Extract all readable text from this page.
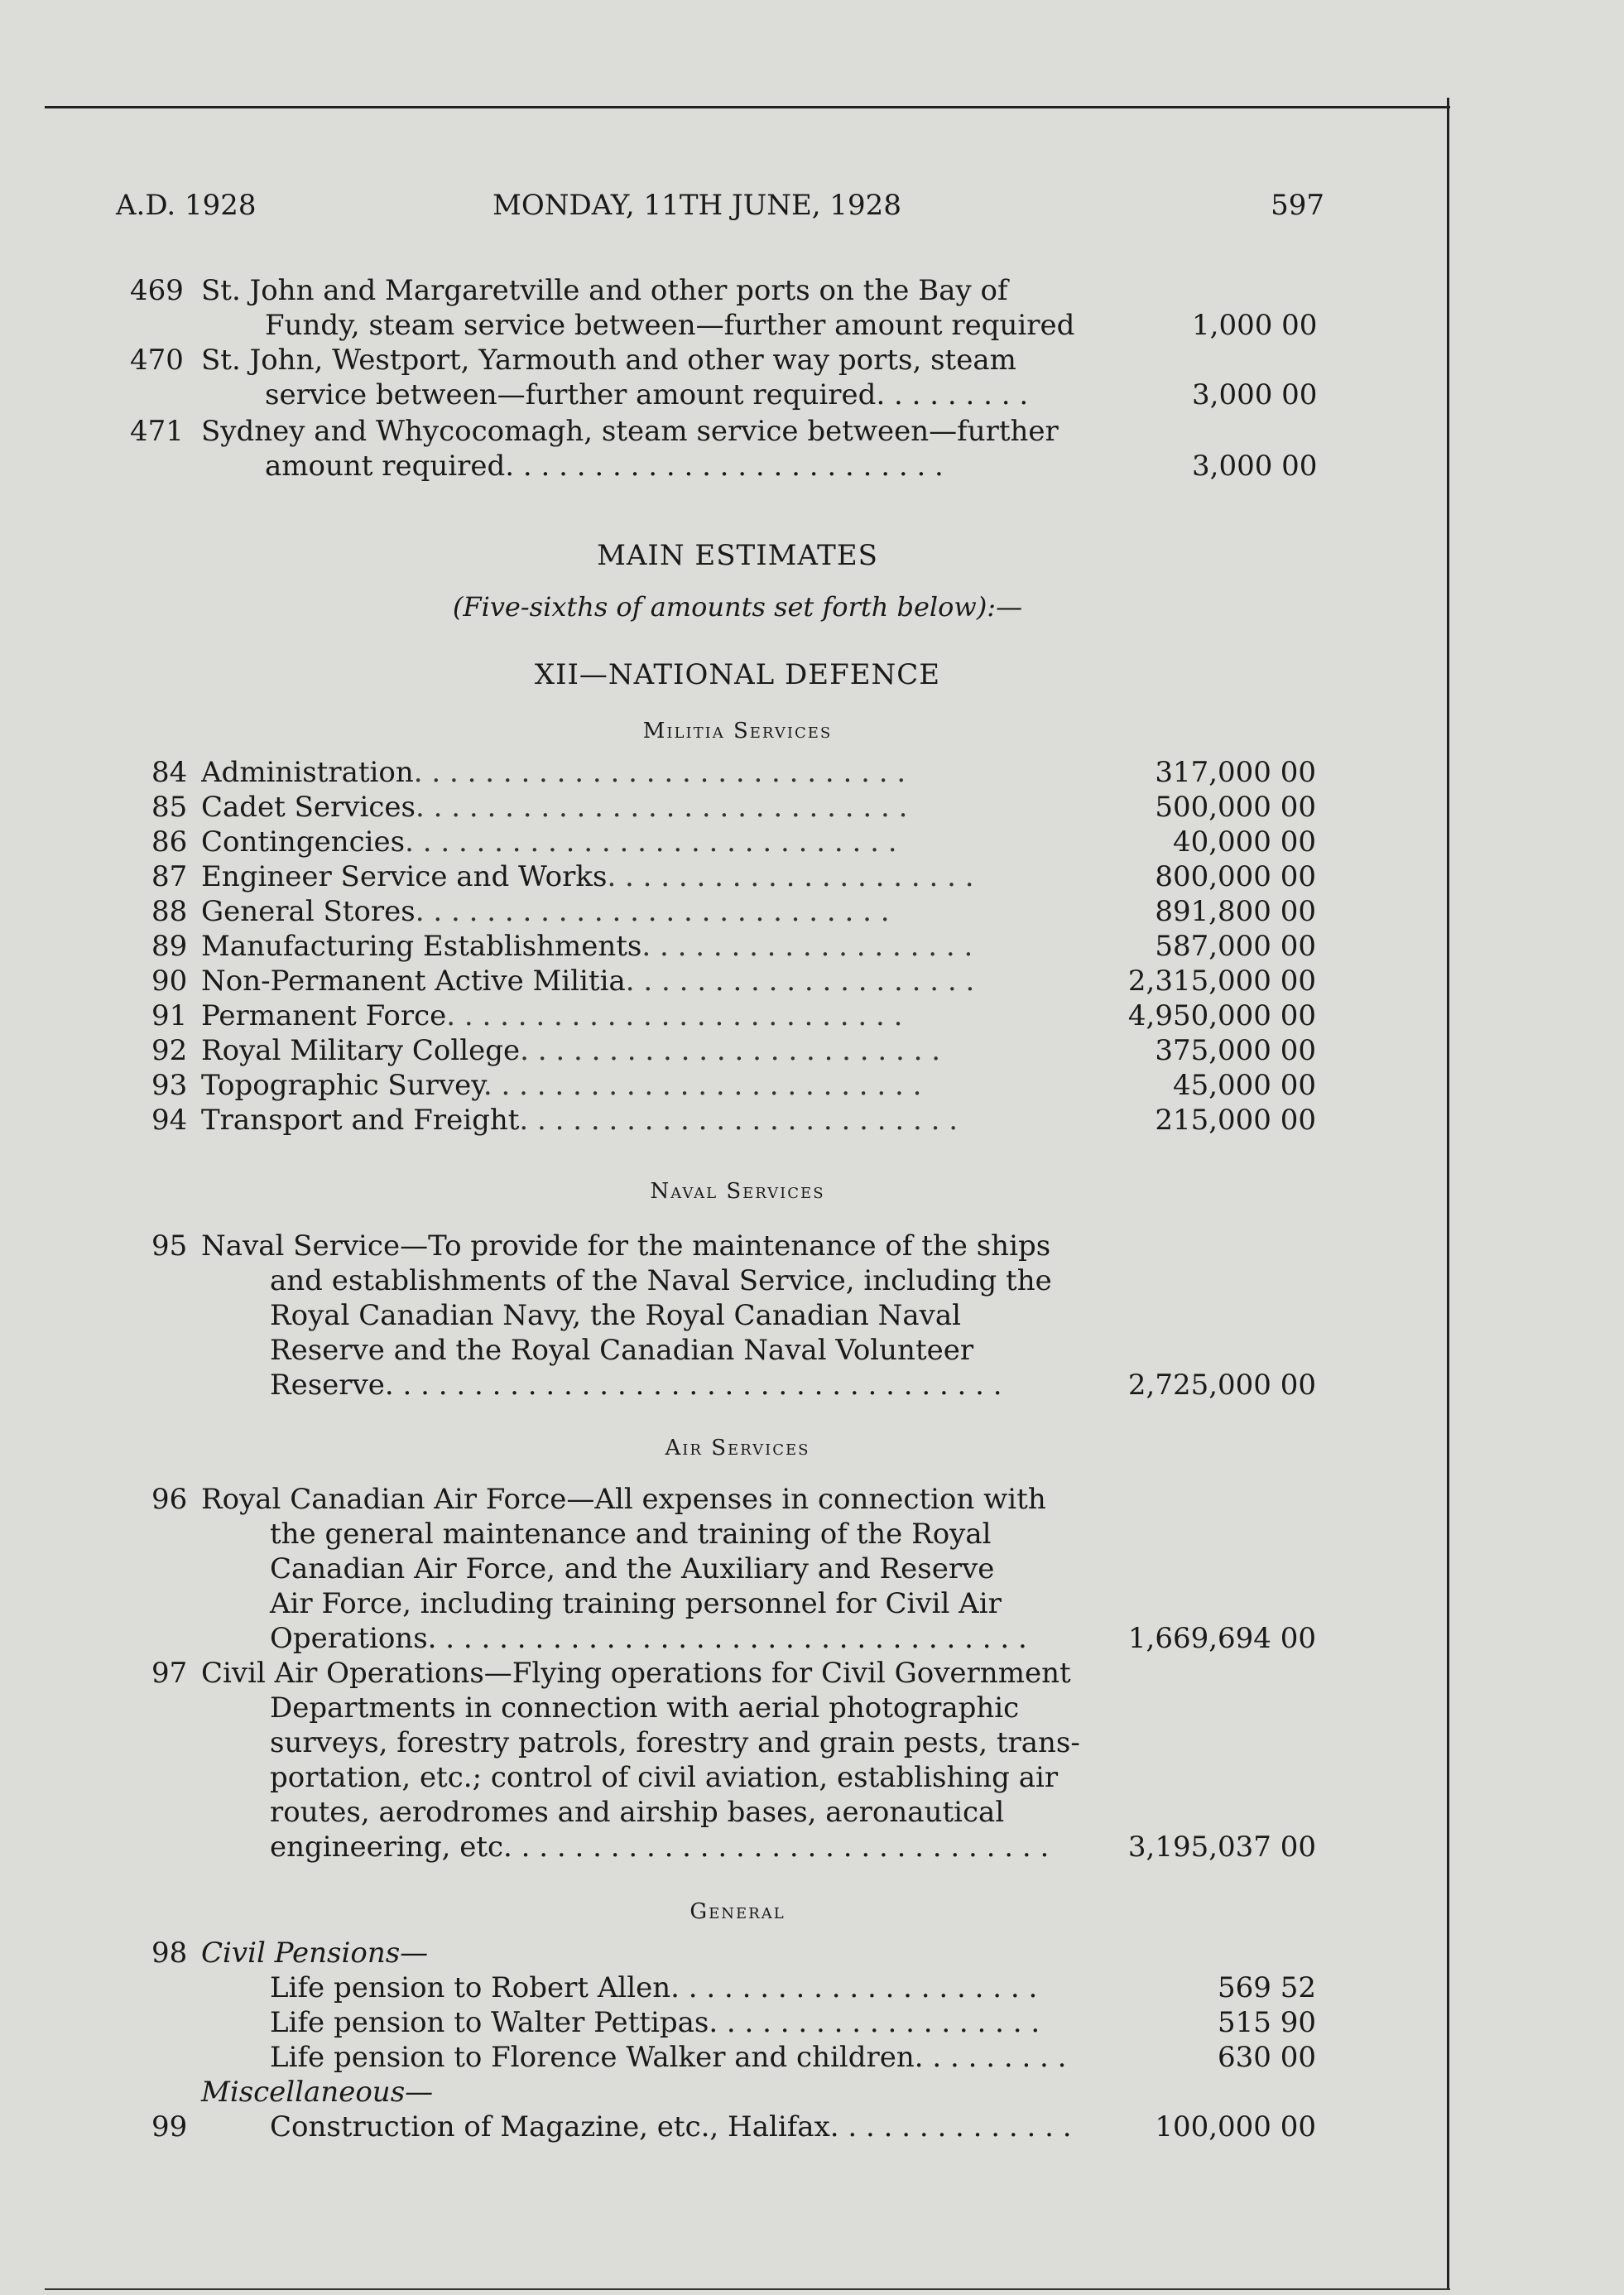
A.D. 1928	MONDAY, 11TH JUNE, 1928	597
469 St. John and Margaretville and other ports on the Bay of
Fundy, steam service between—further amount required	1,000 00
470 St. John, Westport, Yarmouth and other way ports, steam
service between—further amount required. . . . . . . . .	3,000 00
471 Sydney and Whycocomagh, steam service between—further
amount required. . . . . . . . . . . . . . . . . . . . . . . . .	3,000 00
MAIN ESTIMATES
(Five-sixths of amounts set forth below):—
XII—NATIONAL DEFENCE
Militia Services
84 Administration. . . . . . . . . . . . . . . . . . . . . . . . . . . .	317,000 00
85 Cadet Services. . . . . . . . . . . . . . . . . . . . . . . . . . . .	500,000 00
86 Contingencies. . . . . . . . . . . . . . . . . . . . . . . . . . . .	40,000 00
87 Engineer Service and Works. . . . . . . . . . . . . . . . . . . . .	800,000 00
88 General Stores. . . . . . . . . . . . . . . . . . . . . . . . . . .	891,800 00
89 Manufacturing Establishments. . . . . . . . . . . . . . . . . . .	587,000 00
90 Non-Permanent Active Militia. . . . . . . . . . . . . . . . . . . .	2,315,000 00
91 Permanent Force. . . . . . . . . . . . . . . . . . . . . . . . . .	4,950,000 00
92 Royal Military College. . . . . . . . . . . . . . . . . . . . . . . .	375,000 00
93 Topographic Survey. . . . . . . . . . . . . . . . . . . . . . . . .	45,000 00
94 Transport and Freight. . . . . . . . . . . . . . . . . . . . . . . . .	215,000 00
Naval Services
95 Naval Service—To provide for the maintenance of the ships
and establishments of the Naval Service, including the
Royal Canadian Navy, the Royal Canadian Naval
Reserve and the Royal Canadian Naval Volunteer
Reserve. . . . . . . . . . . . . . . . . . . . . . . . . . . . . . . . . . .	2,725,000 00
Air Services
96 Royal Canadian Air Force—All expenses in connection with
the general maintenance and training of the Royal
Canadian Air Force, and the Auxiliary and Reserve
Air Force, including training personnel for Civil Air
Operations. . . . . . . . . . . . . . . . . . . . . . . . . . . . . . . . . .	1,669,694 00
97 Civil Air Operations—Flying operations for Civil Government
Departments in connection with aerial photographic
surveys, forestry patrols, forestry and grain pests, trans-
portation, etc.; control of civil aviation, establishing air
routes, aerodromes and airship bases, aeronautical
engineering, etc. . . . . . . . . . . . . . . . . . . . . . . . . . . . . . .	3,195,037 00
General
98 Civil Pensions—
Life pension to Robert Allen. . . . . . . . . . . . . . . . . . . . .	569 52
Life pension to Walter Pettipas. . . . . . . . . . . . . . . . . . .	515 90
Life pension to Florence Walker and children. . . . . . . . .	630 00
Miscellaneous—
99	Construction of Magazine, etc., Halifax. . . . . . . . . . . . . .	100,000 00
